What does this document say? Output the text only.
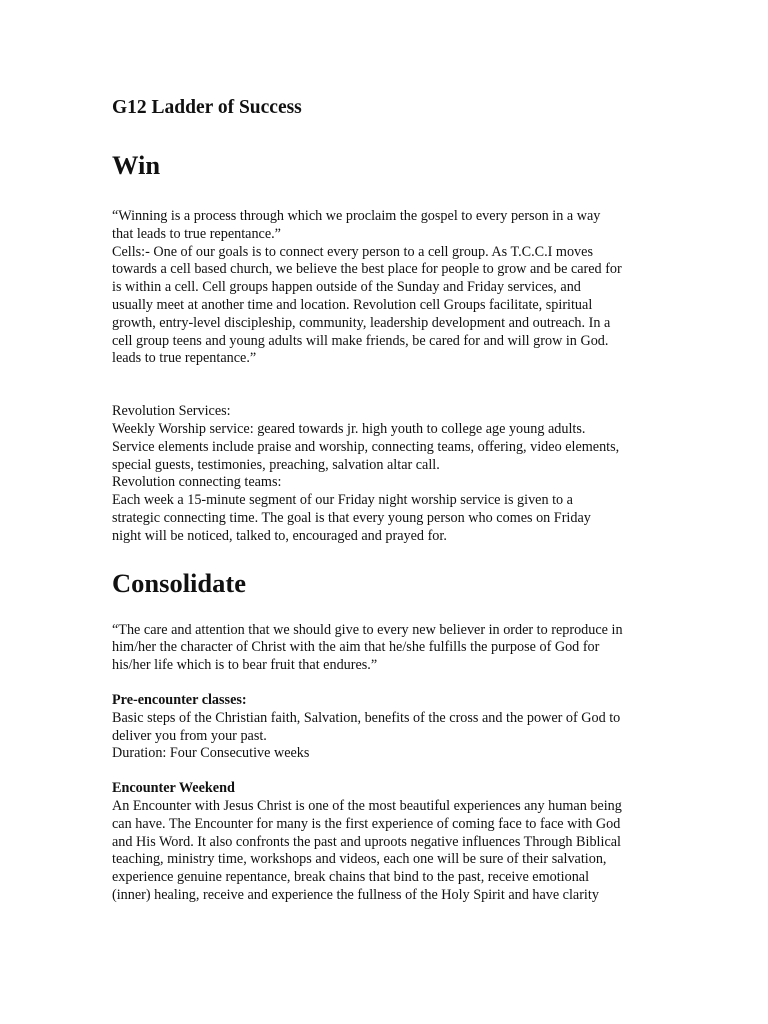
G12 Ladder of Success
Win

“Winning is a process through which we proclaim the gospel to every person in a way
that leads to true repentance.”

Cells:- One of our goals is to connect every person to a cell group. As T.C.C.I moves
towards a cell based church, we believe the best place for people to grow and be cared for
is within a cell. Cell groups happen outside of the Sunday and Friday services, and
usually meet at another time and location. Revolution cell Groups facilitate, spiritual
growth, entry-level discipleship, community, leadership development and outreach. In a
cell group teens and young adults will make friends, be cared for and will grow in God.
leads to true repentance.”

Revolution Services:
Weekly Worship service: geared towards jr. high youth to college age young adults.
Service elements include praise and worship, connecting teams, offering, video elements,
special guests, testimonies, preaching, salvation altar call.
Revolution connecting teams:
Each week a 15-minute segment of our Friday night worship service is given to a
strategic connecting time. The goal is that every young person who comes on Friday
night will be noticed, talked to, encouraged and prayed for.

Consolidate

“The care and attention that we should give to every new believer in order to reproduce in
him/her the character of Christ with the aim that he/she fulfills the purpose of God for
his/her life which is to bear fruit that endures.”

Pre-encounter classes:
Basic steps of the Christian faith, Salvation, benefits of the cross and the power of God to
deliver you from your past.
Duration: Four Consecutive weeks

Encounter Weekend
An Encounter with Jesus Christ is one of the most beautiful experiences any human being
can have. The Encounter for many is the first experience of coming face to face with God
and His Word. It also confronts the past and uproots negative influences Through Biblical
teaching, ministry time, workshops and videos, each one will be sure of their salvation,
experience genuine repentance, break chains that bind to the past, receive emotional
(inner) healing, receive and experience the fullness of the Holy Spirit and have clarity
